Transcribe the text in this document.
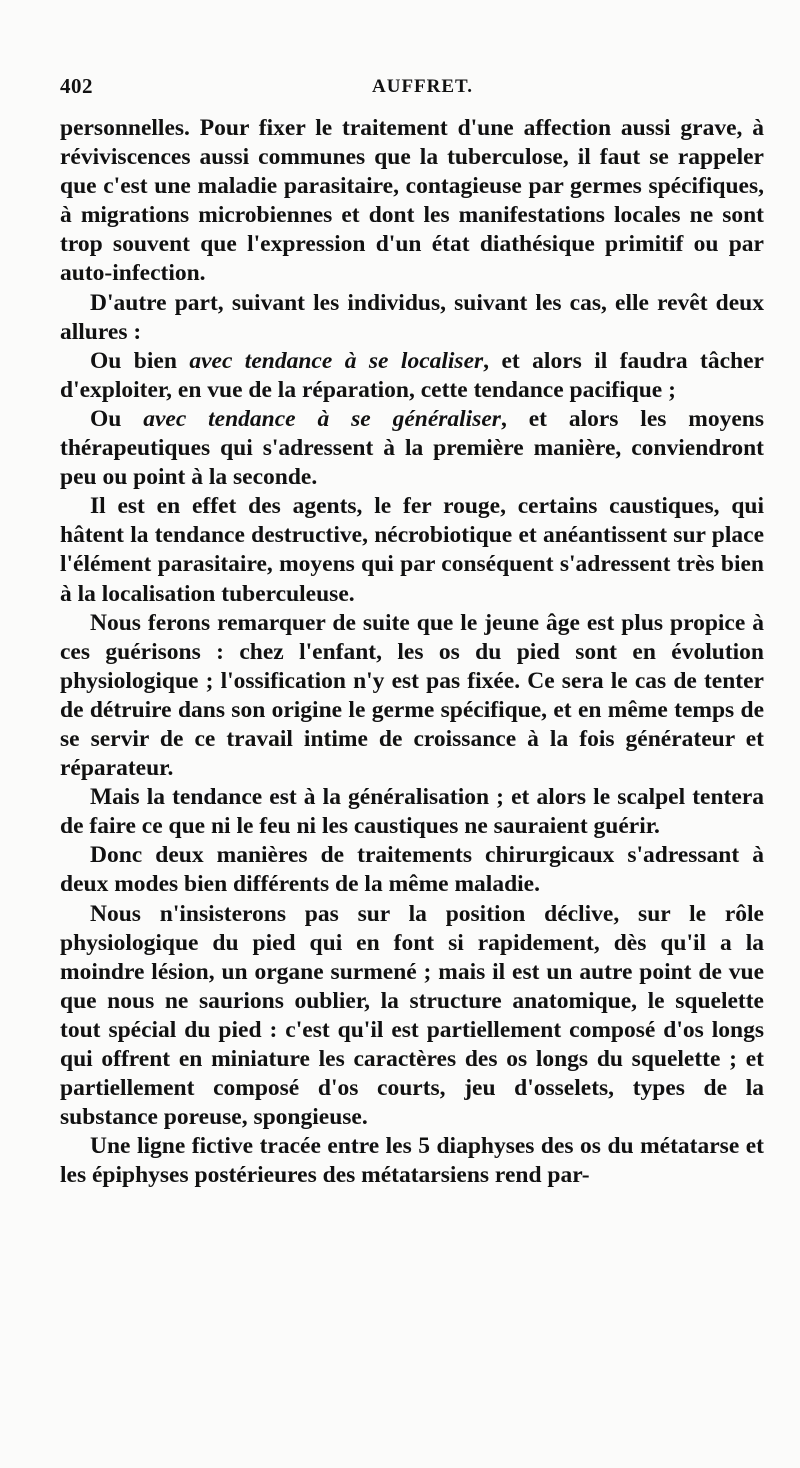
402	AUFFRET.

personnelles. Pour fixer le traitement d'une affection aussi grave, à réviviscences aussi communes que la tuberculose, il faut se rappeler que c'est une maladie parasitaire, contagieuse par germes spécifiques, à migrations microbiennes et dont les manifestations locales ne sont trop souvent que l'expression d'un état diathésique primitif ou par auto-infection.

D'autre part, suivant les individus, suivant les cas, elle revêt deux allures :

Ou bien avec tendance à se localiser, et alors il faudra tâcher d'exploiter, en vue de la réparation, cette tendance pacifique ;

Ou avec tendance à se généraliser, et alors les moyens thérapeutiques qui s'adressent à la première manière, conviendront peu ou point à la seconde.

Il est en effet des agents, le fer rouge, certains caustiques, qui hâtent la tendance destructive, nécrobiotique et anéantissent sur place l'élément parasitaire, moyens qui par conséquent s'adressent très bien à la localisation tuberculeuse.

Nous ferons remarquer de suite que le jeune âge est plus propice à ces guérisons : chez l'enfant, les os du pied sont en évolution physiologique ; l'ossification n'y est pas fixée. Ce sera le cas de tenter de détruire dans son origine le germe spécifique, et en même temps de se servir de ce travail intime de croissance à la fois générateur et réparateur.

Mais la tendance est à la généralisation ; et alors le scalpel tentera de faire ce que ni le feu ni les caustiques ne sauraient guérir.

Donc deux manières de traitements chirurgicaux s'adressant à deux modes bien différents de la même maladie.

Nous n'insisterons pas sur la position déclive, sur le rôle physiologique du pied qui en font si rapidement, dès qu'il a la moindre lésion, un organe surmené ; mais il est un autre point de vue que nous ne saurions oublier, la structure anatomique, le squelette tout spécial du pied : c'est qu'il est partiellement composé d'os longs qui offrent en miniature les caractères des os longs du squelette ; et partiellement composé d'os courts, jeu d'osselets, types de la substance poreuse, spongieuse.

Une ligne fictive tracée entre les 5 diaphyses des os du métatarse et les épiphyses postérieures des métatarsiens rend par-
